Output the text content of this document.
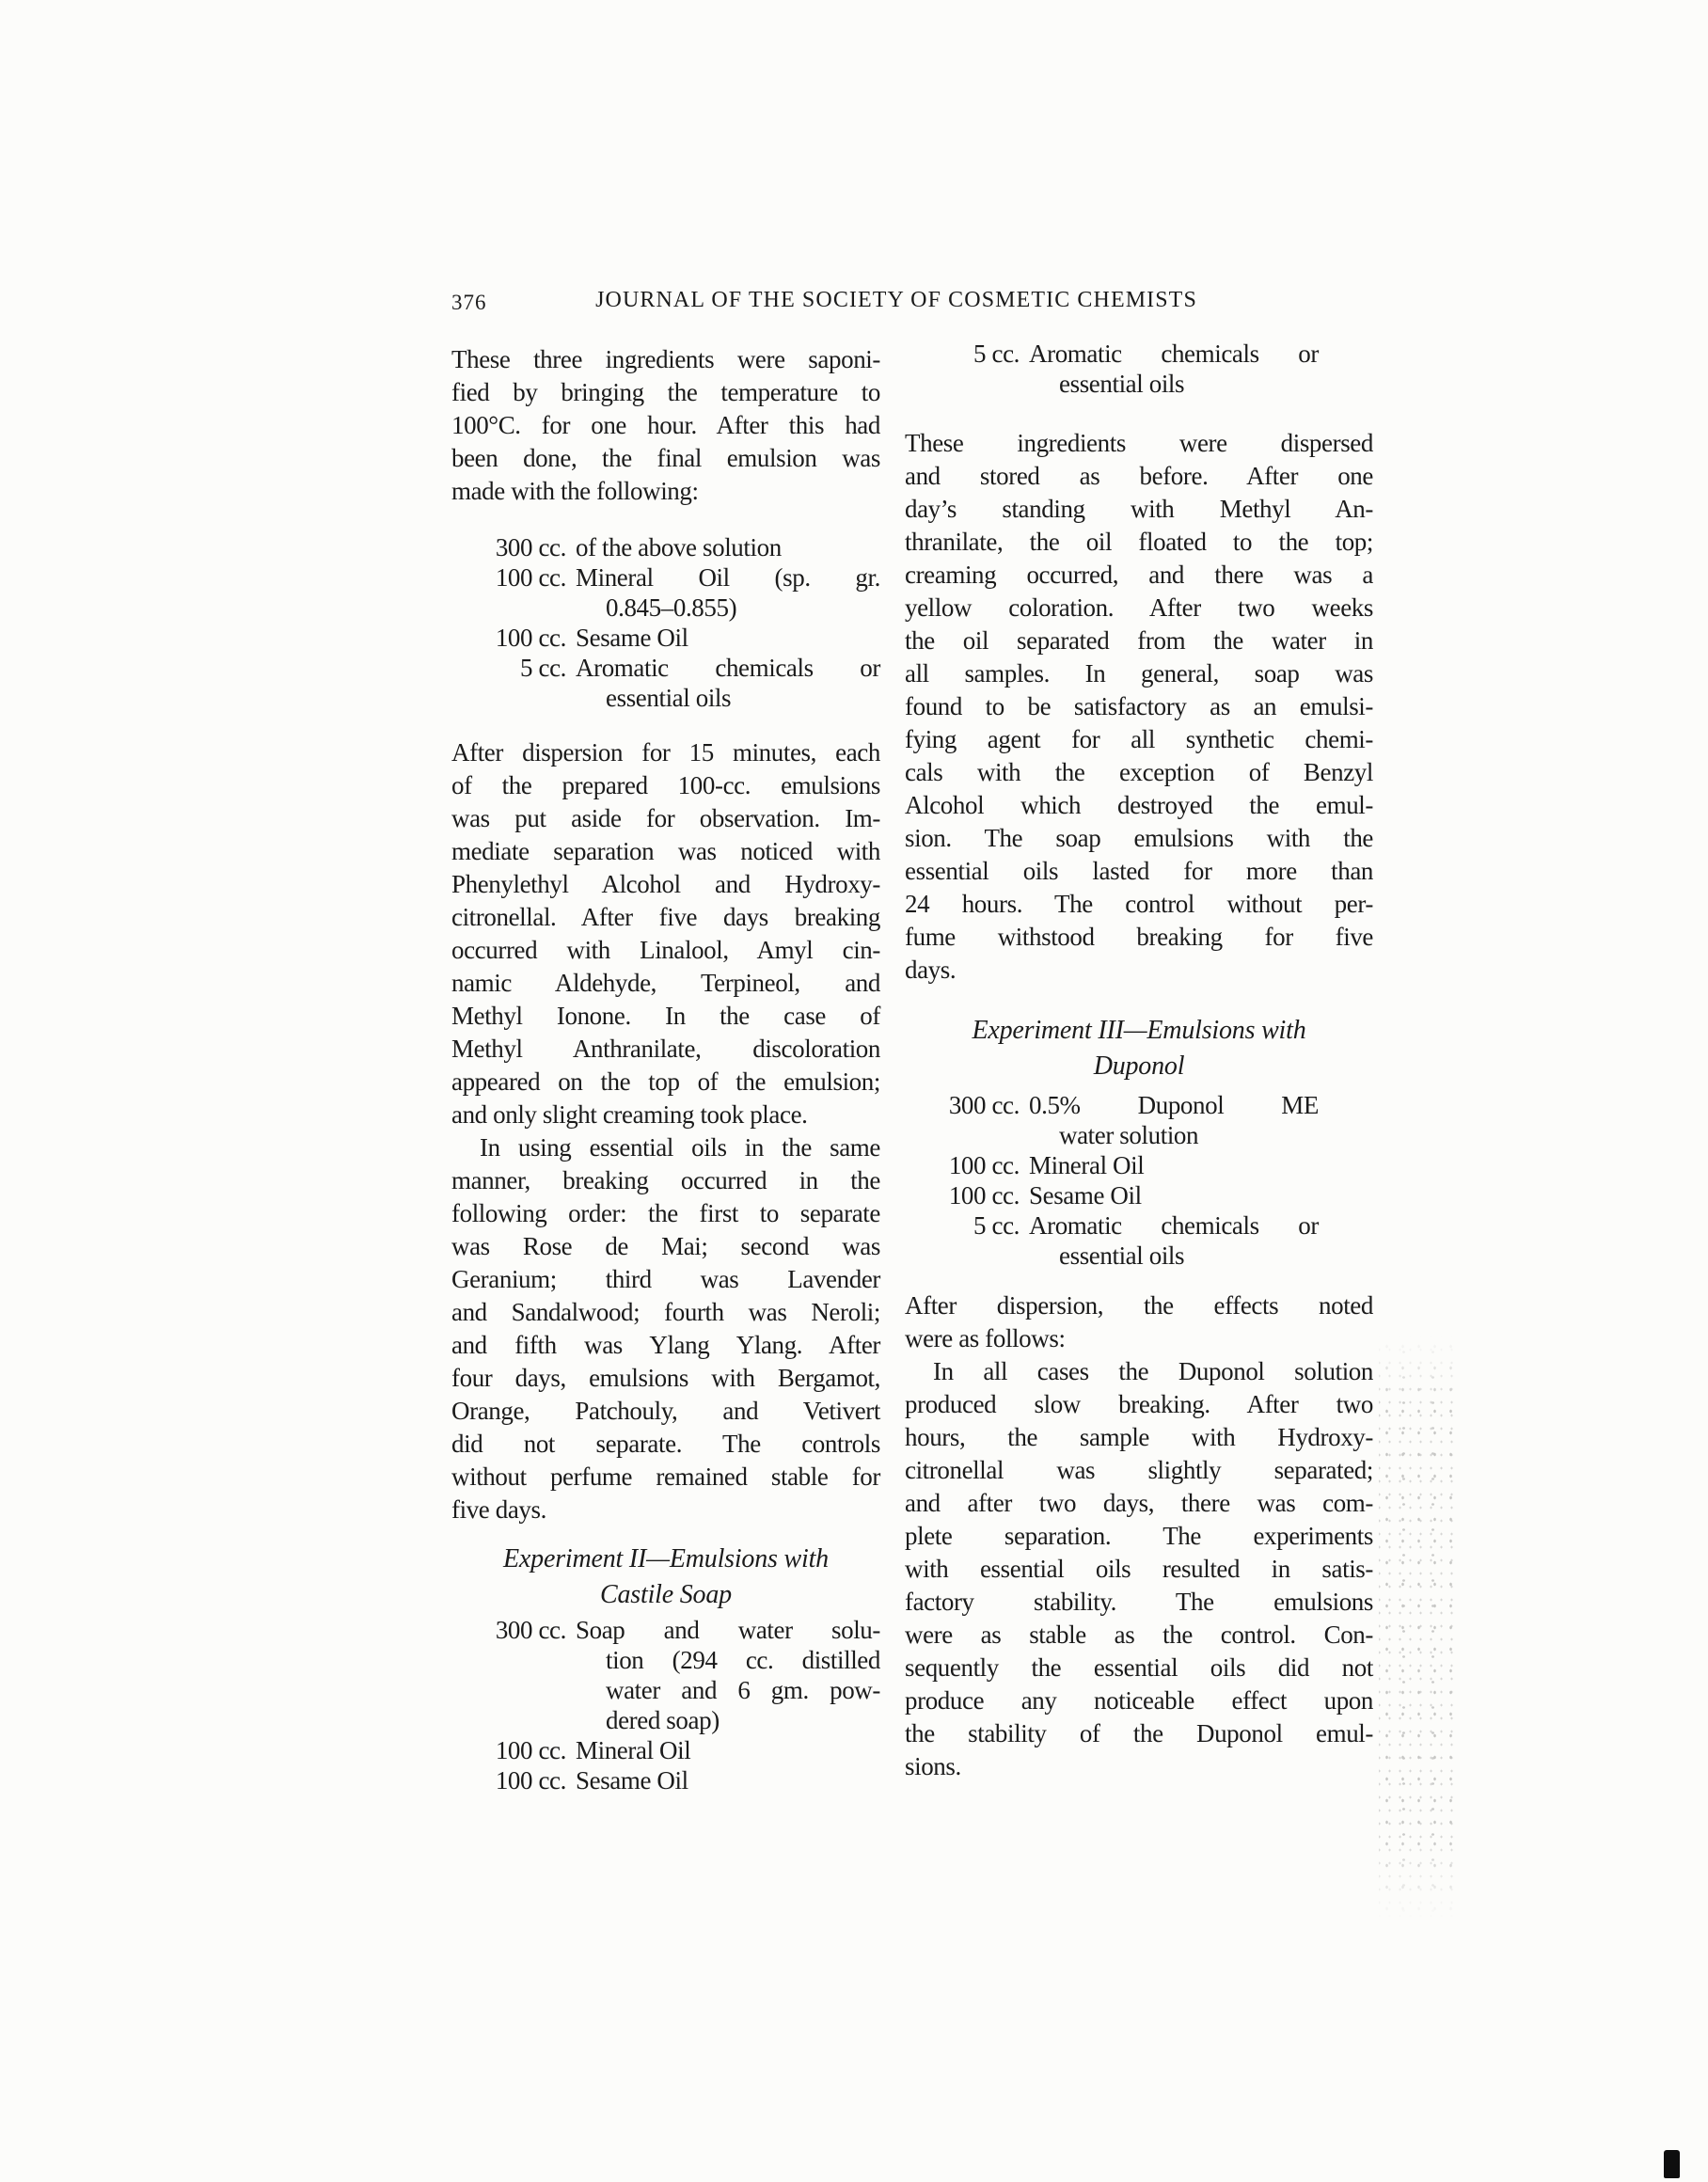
376	JOURNAL OF THE SOCIETY OF COSMETIC CHEMISTS
These three ingredients were saponi-
fied by bringing the temperature to
100°C. for one hour. After this had
been done, the final emulsion was
made with the following:
300 cc. of the above solution
100 cc. Mineral Oil (sp. gr.
0.845–0.855)
100 cc. Sesame Oil
5 cc. Aromatic chemicals or
essential oils
After dispersion for 15 minutes, each
of the prepared 100-cc. emulsions
was put aside for observation. Im-
mediate separation was noticed with
Phenylethyl Alcohol and Hydroxy-
citronellal. After five days breaking
occurred with Linalool, Amyl cin-
namic Aldehyde, Terpineol, and
Methyl Ionone. In the case of
Methyl Anthranilate, discoloration
appeared on the top of the emulsion;
and only slight creaming took place.
In using essential oils in the same
manner, breaking occurred in the
following order: the first to separate
was Rose de Mai; second was
Geranium; third was Lavender
and Sandalwood; fourth was Neroli;
and fifth was Ylang Ylang. After
four days, emulsions with Bergamot,
Orange, Patchouly, and Vetivert
did not separate. The controls
without perfume remained stable for
five days.
Experiment II—Emulsions with
Castile Soap
300 cc. Soap and water solu-
tion (294 cc. distilled
water and 6 gm. pow-
dered soap)
100 cc. Mineral Oil
100 cc. Sesame Oil
5 cc. Aromatic chemicals or
essential oils
These ingredients were dispersed
and stored as before. After one
day’s standing with Methyl An-
thranilate, the oil floated to the top;
creaming occurred, and there was a
yellow coloration. After two weeks
the oil separated from the water in
all samples. In general, soap was
found to be satisfactory as an emulsi-
fying agent for all synthetic chemi-
cals with the exception of Benzyl
Alcohol which destroyed the emul-
sion. The soap emulsions with the
essential oils lasted for more than
24 hours. The control without per-
fume withstood breaking for five
days.
Experiment III—Emulsions with
Duponol
300 cc. 0.5% Duponol ME
water solution
100 cc. Mineral Oil
100 cc. Sesame Oil
5 cc. Aromatic chemicals or
essential oils
After dispersion, the effects noted
were as follows:
In all cases the Duponol solution
produced slow breaking. After two
hours, the sample with Hydroxy-
citronellal was slightly separated;
and after two days, there was com-
plete separation. The experiments
with essential oils resulted in satis-
factory stability. The emulsions
were as stable as the control. Con-
sequently the essential oils did not
produce any noticeable effect upon
the stability of the Duponol emul-
sions.
